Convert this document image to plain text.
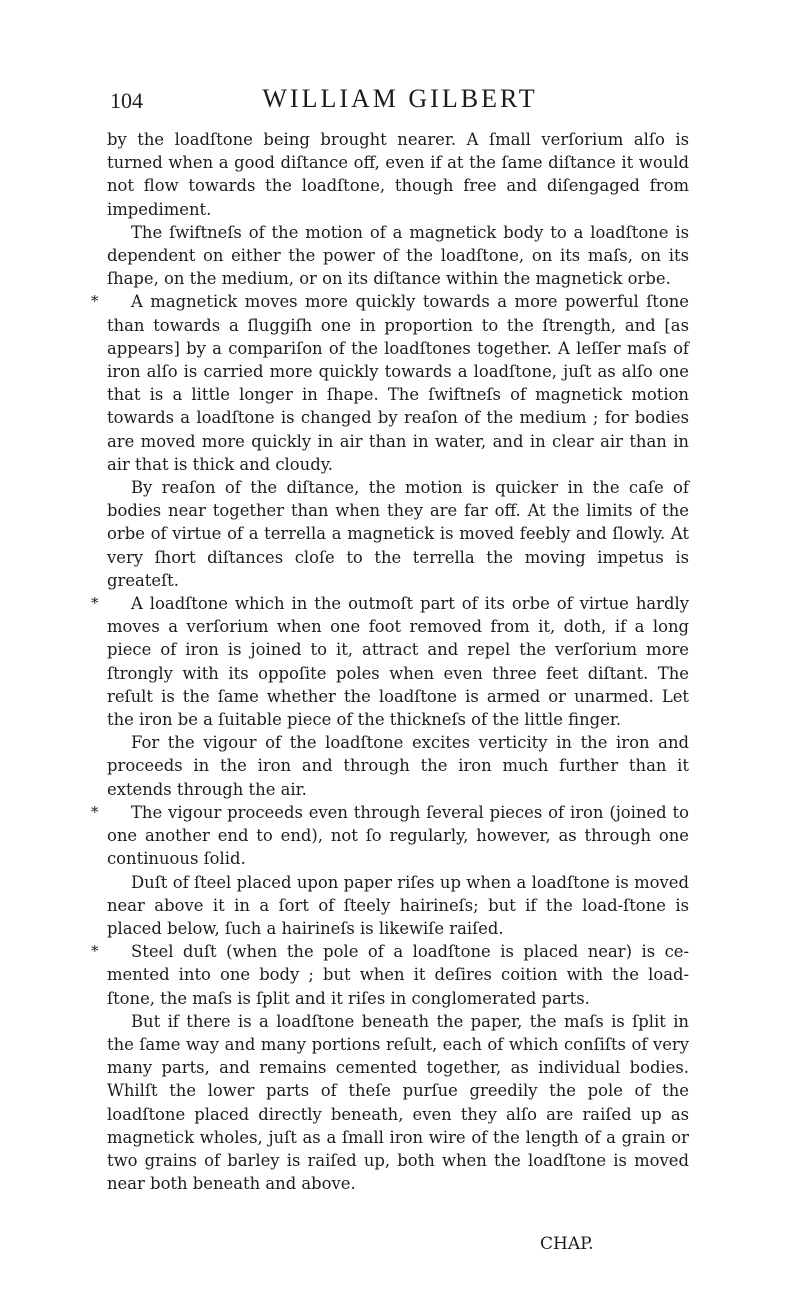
104	WILLIAM GILBERT

by the loadſtone being brought nearer. A ſmall verſorium alſo is turned when a good diſtance off, even if at the ſame diſtance it would not flow towards the loadſtone, though free and diſengaged from impediment.

The ſwiftneſs of the motion of a magnetick body to a loadſtone is dependent on either the power of the loadſtone, on its maſs, on its ſhape, on the medium, or on its diſtance within the magnetick orbe.

* A magnetick moves more quickly towards a more powerful ſtone than towards a ſluggiſh one in proportion to the ſtrength, and [as appears] by a compariſon of the loadſtones together. A leſſer maſs of iron alſo is carried more quickly towards a loadſtone, juſt as alſo one that is a little longer in ſhape. The ſwiftneſs of magnetick motion towards a loadſtone is changed by reaſon of the medium ; for bodies are moved more quickly in air than in water, and in clear air than in air that is thick and cloudy.

By reaſon of the diſtance, the motion is quicker in the caſe of bodies near together than when they are far off. At the limits of the orbe of virtue of a terrella a magnetick is moved feebly and ſlowly. At very ſhort diſtances cloſe to the terrella the moving impetus is greateſt.

* A loadſtone which in the outmoſt part of its orbe of virtue hardly moves a verſorium when one foot removed from it, doth, if a long piece of iron is joined to it, attract and repel the verſorium more ſtrongly with its oppoſite poles when even three feet diſtant. The reſult is the ſame whether the loadſtone is armed or unarmed. Let the iron be a ſuitable piece of the thickneſs of the little finger.

For the vigour of the loadſtone excites verticity in the iron and proceeds in the iron and through the iron much further than it extends through the air.

* The vigour proceeds even through ſeveral pieces of iron (joined to one another end to end), not ſo regularly, however, as through one continuous ſolid.

Duſt of ſteel placed upon paper riſes up when a loadſtone is moved near above it in a ſort of ſteely hairineſs; but if the load-ſtone is placed below, ſuch a hairineſs is likewiſe raiſed.

* Steel duſt (when the pole of a loadſtone is placed near) is ce-mented into one body ; but when it deſires coition with the load-ſtone, the maſs is ſplit and it riſes in conglomerated parts.

But if there is a loadſtone beneath the paper, the maſs is ſplit in the ſame way and many portions reſult, each of which conſiſts of very many parts, and remains cemented together, as individual bodies. Whilſt the lower parts of theſe purſue greedily the pole of the loadſtone placed directly beneath, even they alſo are raiſed up as magnetick wholes, juſt as a ſmall iron wire of the length of a grain or two grains of barley is raiſed up, both when the loadſtone is moved near both beneath and above.

CHAP.
